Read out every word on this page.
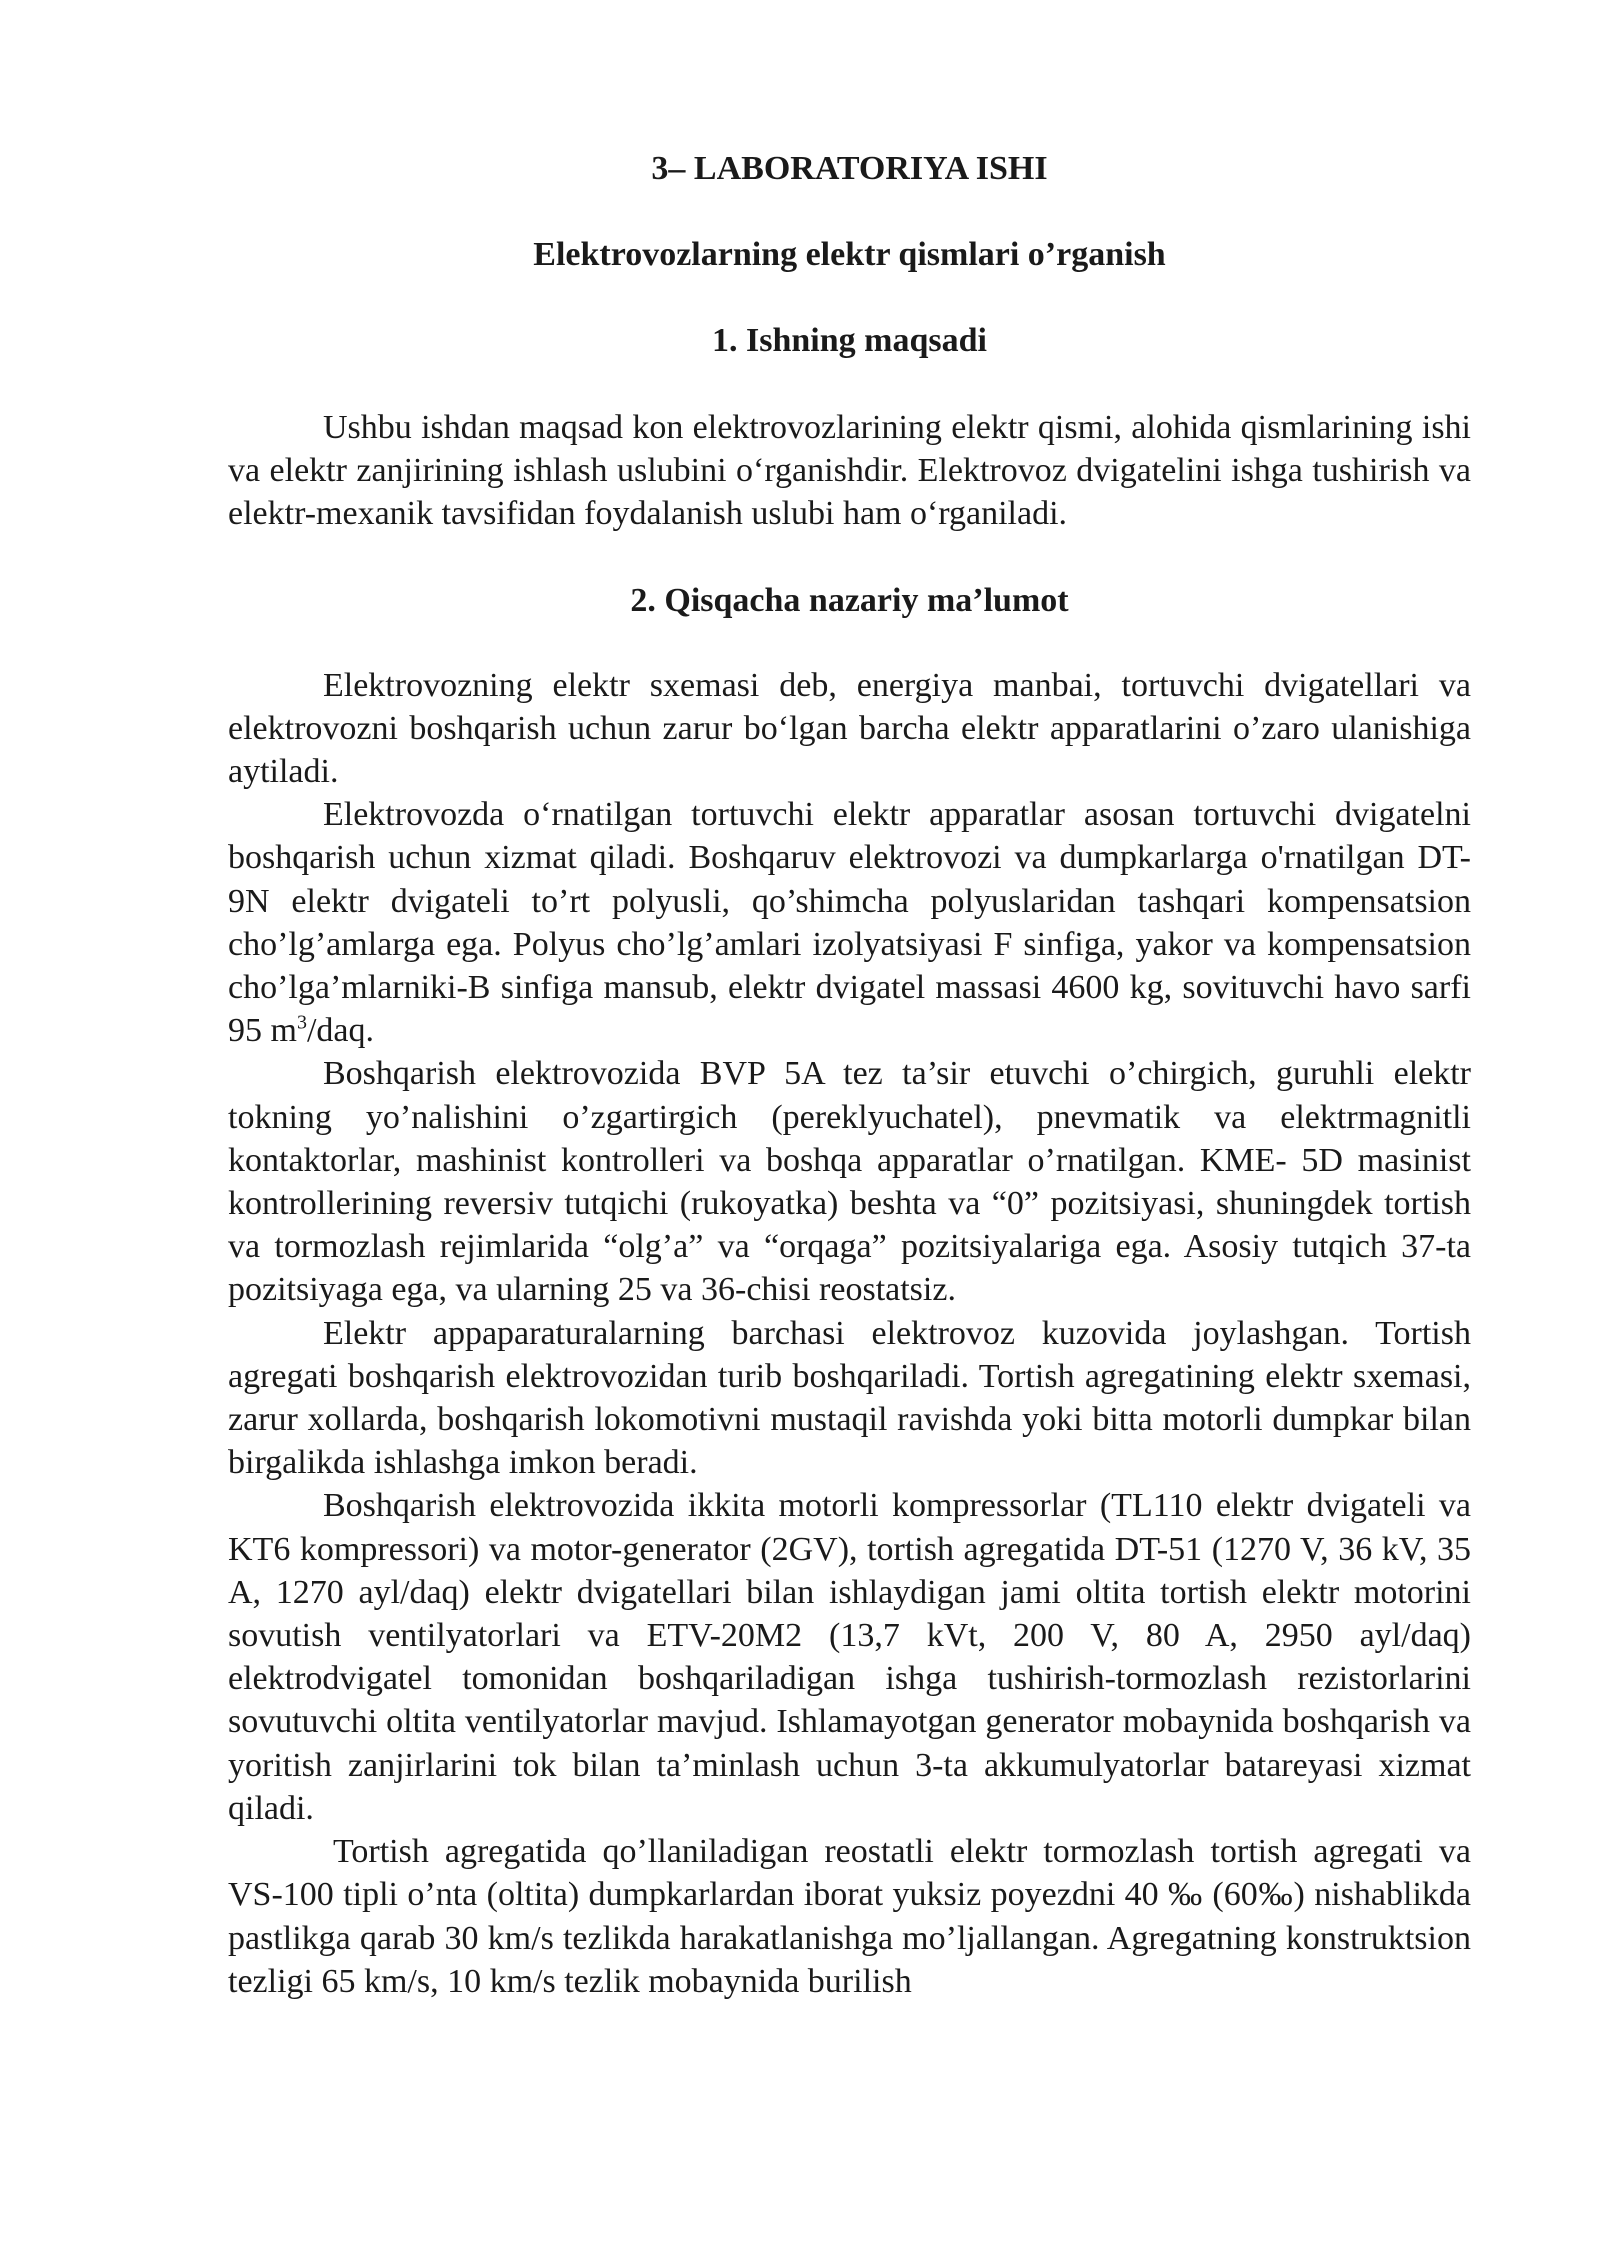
3– LABORATORIYA ISHI
Elektrovozlarning elektr qismlari o’rganish
1. Ishning maqsadi

Ushbu ishdan maqsad kon elektrovozlarining elektr qismi, alohida qismlarining ishi va elektr zanjirining ishlash uslubini o‘rganishdir. Elektrovoz dvigatelini ishga tushirish va elektr-mexanik tavsifidan foydalanish uslubi ham o‘rganiladi.

2. Qisqacha nazariy ma’lumot

Elektrovozning elektr sxemasi deb, energiya manbai, tortuvchi dvigatellari va elektrovozni boshqarish uchun zarur bo‘lgan barcha elektr apparatlarini o’zaro ulanishiga aytiladi.

Elektrovozda o‘rnatilgan tortuvchi elektr apparatlar asosan tortuvchi dvigatelni boshqarish uchun xizmat qiladi. Boshqaruv elektrovozi va dumpkarlarga o'rnatilgan DT-9N elektr dvigateli to’rt polyusli, qo’shimcha polyuslaridan tashqari kompensatsion cho’lg’amlarga ega. Polyus cho’lg’amlari izolyatsiyasi F sinfiga, yakor va kompensatsion cho’lga’mlarniki-B sinfiga mansub, elektr dvigatel massasi 4600 kg, sovituvchi havo sarfi 95 $m^3$/daq.

Boshqarish elektrovozida BVP 5A tez ta’sir etuvchi o’chirgich, guruhli elektr tokning yo’nalishini o’zgartirgich (pereklyuchatel), pnevmatik va elektrmagnitli kontaktorlar, mashinist kontrolleri va boshqa apparatlar o’rnatilgan. KME- 5D masinist kontrollerining reversiv tutqichi (rukoyatka) beshta va “0” pozitsiyasi, shuningdek tortish va tormozlash rejimlarida “olg’a” va “orqaga” pozitsiyalariga ega. Asosiy tutqich 37-ta pozitsiyaga ega, va ularning 25 va 36-chisi reostatsiz.

Elektr appaparaturalarning barchasi elektrovoz kuzovida joylashgan. Tortish agregati boshqarish elektrovozidan turib boshqariladi. Tortish agregatining elektr sxemasi, zarur xollarda, boshqarish lokomotivni mustaqil ravishda yoki bitta motorli dumpkar bilan birgalikda ishlashga imkon beradi.

Boshqarish elektrovozida ikkita motorli kompressorlar (TL110 elektr dvigateli va KT6 kompressori) va motor-generator (2GV), tortish agregatida DT-51 (1270 V, 36 kV, 35 A, 1270 ayl/daq) elektr dvigatellari bilan ishlaydigan jami oltita tortish elektr motorini sovutish ventilyatorlari va ETV-20M2 (13,7 kVt, 200 V, 80 A, 2950 ayl/daq) elektrodvigatel tomonidan boshqariladigan ishga tushirish-tormozlash rezistorlarini sovutuvchi oltita ventilyatorlar mavjud. Ishlamayotgan generator mobaynida boshqarish va yoritish zanjirlarini tok bilan ta’minlash uchun 3-ta akkumulyatorlar batareyasi xizmat qiladi.

Tortish agregatida qo’llaniladigan reostatli elektr tormozlash tortish agregati va VS-100 tipli o’nta (oltita) dumpkarlardan iborat yuksiz poyezdni 40 ‰ (60‰) nishablikda pastlikga qarab 30 km/s tezlikda harakatlanishga mo’ljallangan. Agregatning konstruktsion tezligi 65 km/s, 10 km/s tezlik mobaynida burilish
